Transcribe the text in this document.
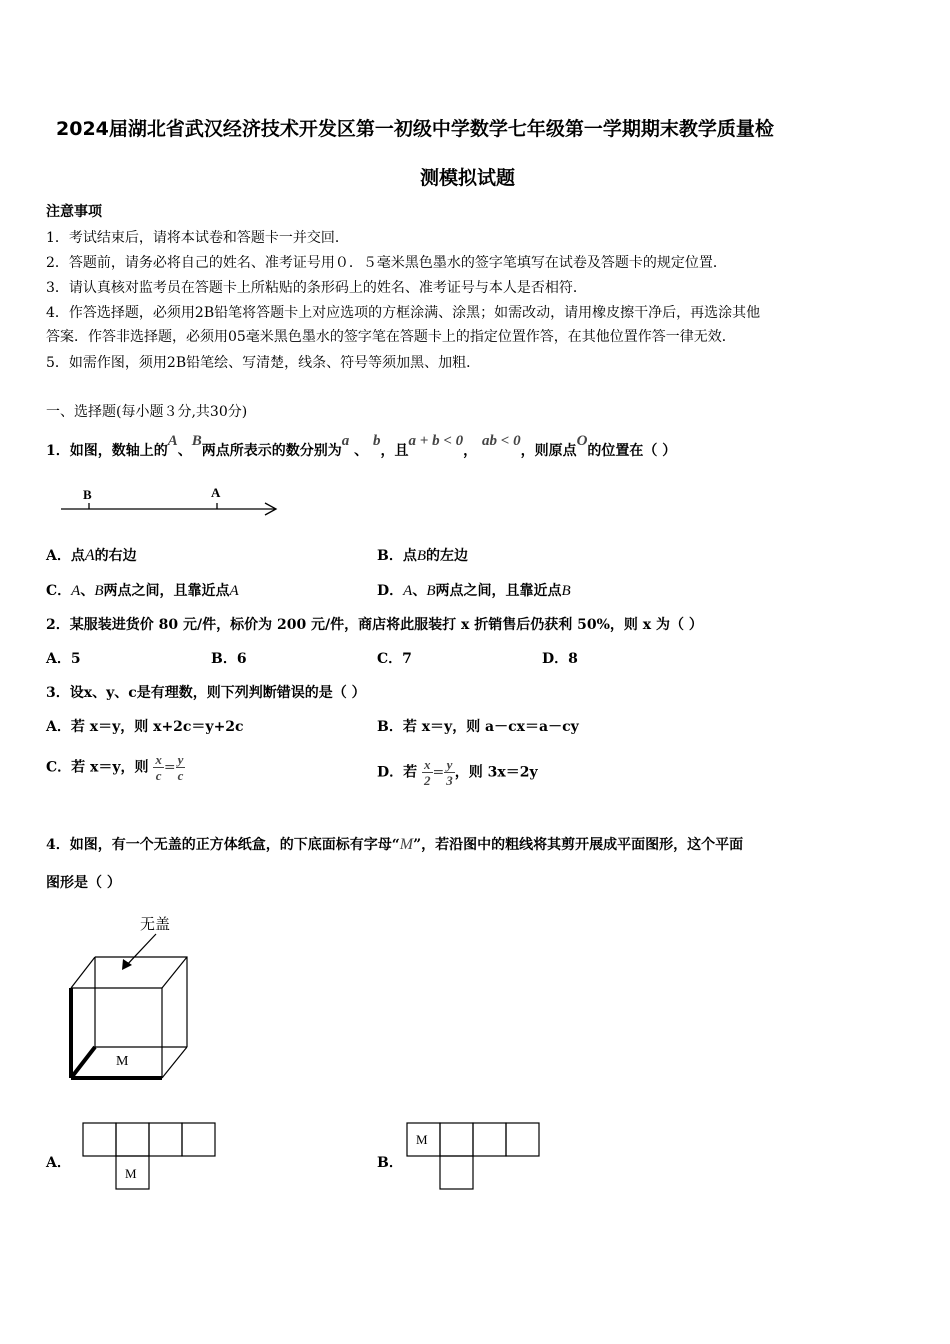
2024届湖北省武汉经济技术开发区第一初级中学数学七年级第一学期期末教学质量检
测模拟试题
注意事项
1．考试结束后，请将本试卷和答题卡一并交回．
2．答题前，请务必将自己的姓名、准考证号用０．５毫米黑色墨水的签字笔填写在试卷及答题卡的规定位置．
3．请认真核对监考员在答题卡上所粘贴的条形码上的姓名、准考证号与本人是否相符．
4．作答选择题，必须用2B铅笔将答题卡上对应选项的方框涂满、涂黑；如需改动，请用橡皮擦干净后，再选涂其他
答案．作答非选择题，必须用05毫米黑色墨水的签字笔在答题卡上的指定位置作答，在其他位置作答一律无效．
5．如需作图，须用2B铅笔绘、写清楚，线条、符号等须加黑、加粗．
一、选择题(每小题３分,共30分)
1．如图，数轴上的A、B两点所表示的数分别为a 、 b，且a + b < 0， ab < 0，则原点O的位置在（ ）
B	A
A．点A的右边	B．点B的左边
C．A、B两点之间，且靠近点A	D．A、B两点之间，且靠近点B
2．某服装进货价 80 元/件，标价为 200 元/件，商店将此服装打 x 折销售后仍获利 50%，则 x 为（ ）
A．5	B．6	C．7	D．8
3．设x、y、c是有理数，则下列判断错误的是（ ）
A．若 x＝y，则 x+2c＝y+2c	B．若 x＝y，则 a－cx＝a－cy
C．若 x＝y，则 $\frac{x}{c} = \frac{y}{c}$	D．若 $\frac{x}{2} = \frac{y}{3}$ ，则 3x＝2y
4．如图，有一个无盖的正方体纸盒，的下底面标有字母“M”，若沿图中的粗线将其剪开展成平面图形，这个平面
图形是（ ）
无盖
M
A．
M
B．
M
